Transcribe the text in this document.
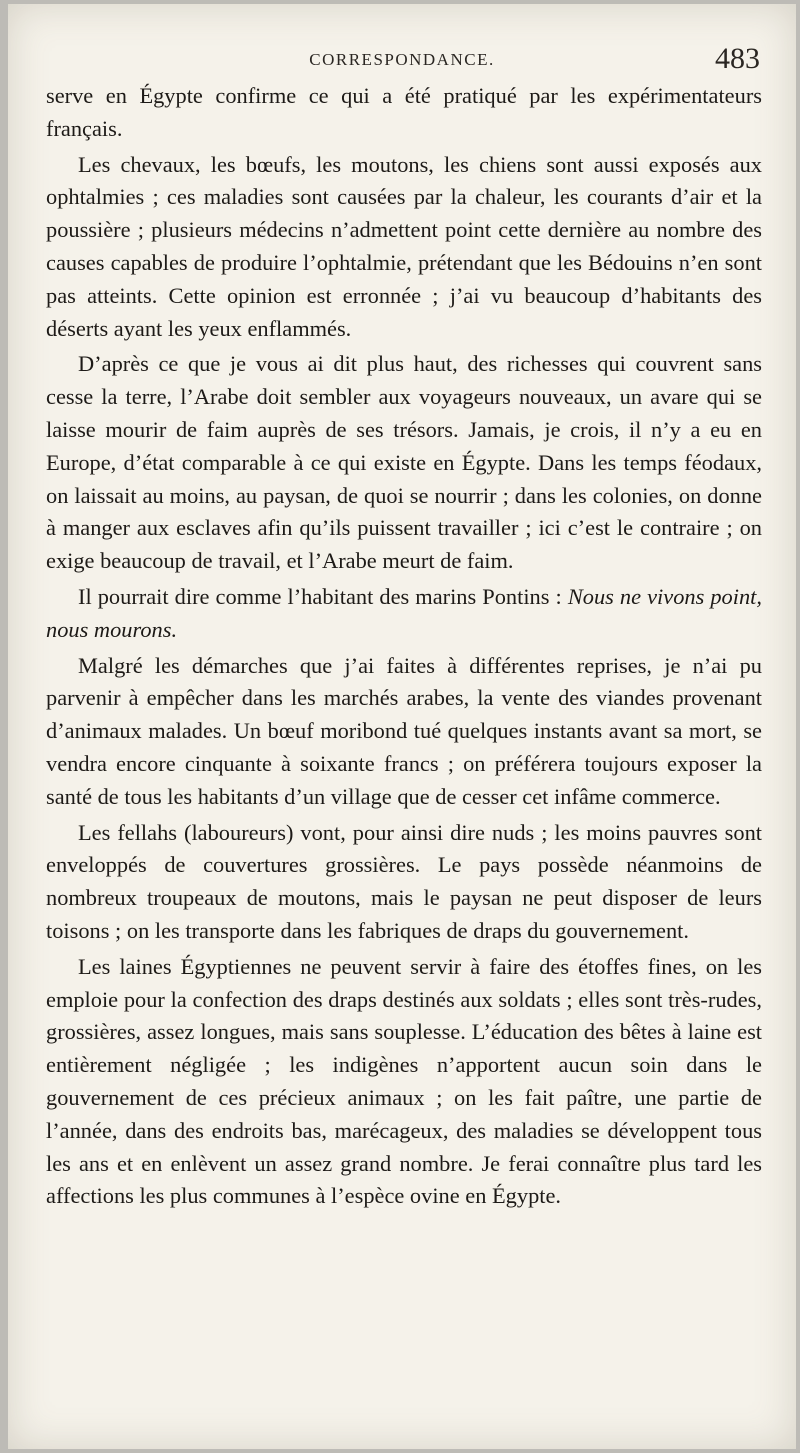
CORRESPONDANCE.	483

serve en Égypte confirme ce qui a été pratiqué par les expérimentateurs français.

Les chevaux, les bœufs, les moutons, les chiens sont aussi exposés aux ophtalmies ; ces maladies sont causées par la chaleur, les courants d’air et la poussière ; plusieurs médecins n’admettent point cette dernière au nombre des causes capables de produire l’ophtalmie, prétendant que les Bédouins n’en sont pas atteints. Cette opinion est erronnée ; j’ai vu beaucoup d’habitants des déserts ayant les yeux enflammés.

D’après ce que je vous ai dit plus haut, des richesses qui couvrent sans cesse la terre, l’Arabe doit sembler aux voyageurs nouveaux, un avare qui se laisse mourir de faim auprès de ses trésors. Jamais, je crois, il n’y a eu en Europe, d’état comparable à ce qui existe en Égypte. Dans les temps féodaux, on laissait au moins, au paysan, de quoi se nourrir ; dans les colonies, on donne à manger aux esclaves afin qu’ils puissent travailler ; ici c’est le contraire ; on exige beaucoup de travail, et l’Arabe meurt de faim.

Il pourrait dire comme l’habitant des marins Pontins : Nous ne vivons point, nous mourons.

Malgré les démarches que j’ai faites à différentes reprises, je n’ai pu parvenir à empêcher dans les marchés arabes, la vente des viandes provenant d’animaux malades. Un bœuf moribond tué quelques instants avant sa mort, se vendra encore cinquante à soixante francs ; on préférera toujours exposer la santé de tous les habitants d’un village que de cesser cet infâme commerce.

Les fellahs (laboureurs) vont, pour ainsi dire nuds ; les moins pauvres sont enveloppés de couvertures grossières. Le pays possède néanmoins de nombreux troupeaux de moutons, mais le paysan ne peut disposer de leurs toisons ; on les transporte dans les fabriques de draps du gouvernement.

Les laines Égyptiennes ne peuvent servir à faire des étoffes fines, on les emploie pour la confection des draps destinés aux soldats ; elles sont très-rudes, grossières, assez longues, mais sans souplesse. L’éducation des bêtes à laine est entièrement négligée ; les indigènes n’apportent aucun soin dans le gouvernement de ces précieux animaux ; on les fait paître, une partie de l’année, dans des endroits bas, marécageux, des maladies se développent tous les ans et en enlèvent un assez grand nombre. Je ferai connaître plus tard les affections les plus communes à l’espèce ovine en Égypte.
